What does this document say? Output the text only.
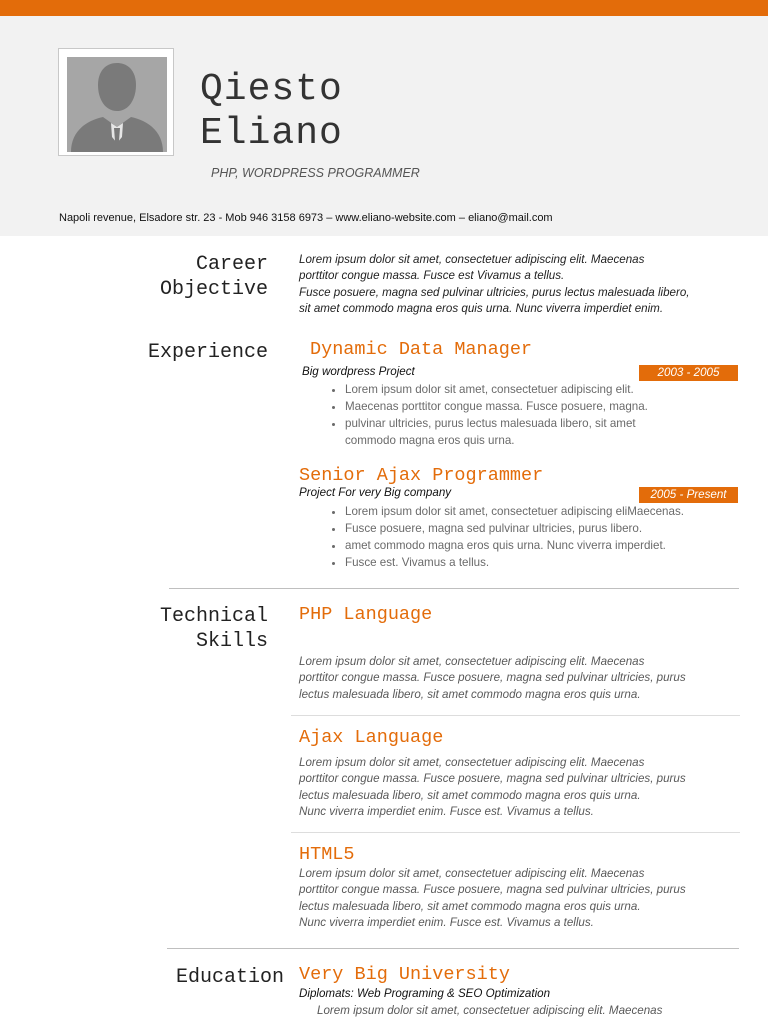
Qiesto
Eliano
PHP, WORDPRESS PROGRAMMER
Napoli revenue, Elsadore str. 23 - Mob 946 3158 6973 – www.eliano-website.com – eliano@mail.com
Career
Objective
Lorem ipsum dolor sit amet, consectetuer adipiscing elit. Maecenas
porttitor congue massa. Fusce est Vivamus a tellus.
Fusce posuere, magna sed pulvinar ultricies, purus lectus malesuada libero,
sit amet commodo magna eros quis urna. Nunc viverra imperdiet enim.
Experience Dynamic Data Manager
Big wordpress Project	2003 - 2005
• Lorem ipsum dolor sit amet, consectetuer adipiscing elit.
• Maecenas porttitor congue massa. Fusce posuere, magna.
• pulvinar ultricies, purus lectus malesuada libero, sit amet
commodo magna eros quis urna.
Senior Ajax Programmer
Project For very Big company	2005 - Present
• Lorem ipsum dolor sit amet, consectetuer adipiscing eliMaecenas.
• Fusce posuere, magna sed pulvinar ultricies, purus libero.
• amet commodo magna eros quis urna. Nunc viverra imperdiet.
• Fusce est. Vivamus a tellus.
Technical
Skills
PHP Language
Lorem ipsum dolor sit amet, consectetuer adipiscing elit. Maecenas
porttitor congue massa. Fusce posuere, magna sed pulvinar ultricies, purus
lectus malesuada libero, sit amet commodo magna eros quis urna.
Ajax Language
Lorem ipsum dolor sit amet, consectetuer adipiscing elit. Maecenas
porttitor congue massa. Fusce posuere, magna sed pulvinar ultricies, purus
lectus malesuada libero, sit amet commodo magna eros quis urna.
Nunc viverra imperdiet enim. Fusce est. Vivamus a tellus.
HTML5
Lorem ipsum dolor sit amet, consectetuer adipiscing elit. Maecenas
porttitor congue massa. Fusce posuere, magna sed pulvinar ultricies, purus
lectus malesuada libero, sit amet commodo magna eros quis urna.
Nunc viverra imperdiet enim. Fusce est. Vivamus a tellus.
Education Very Big University
Diplomats: Web Programing & SEO Optimization
Lorem ipsum dolor sit amet, consectetuer adipiscing elit. Maecenas
